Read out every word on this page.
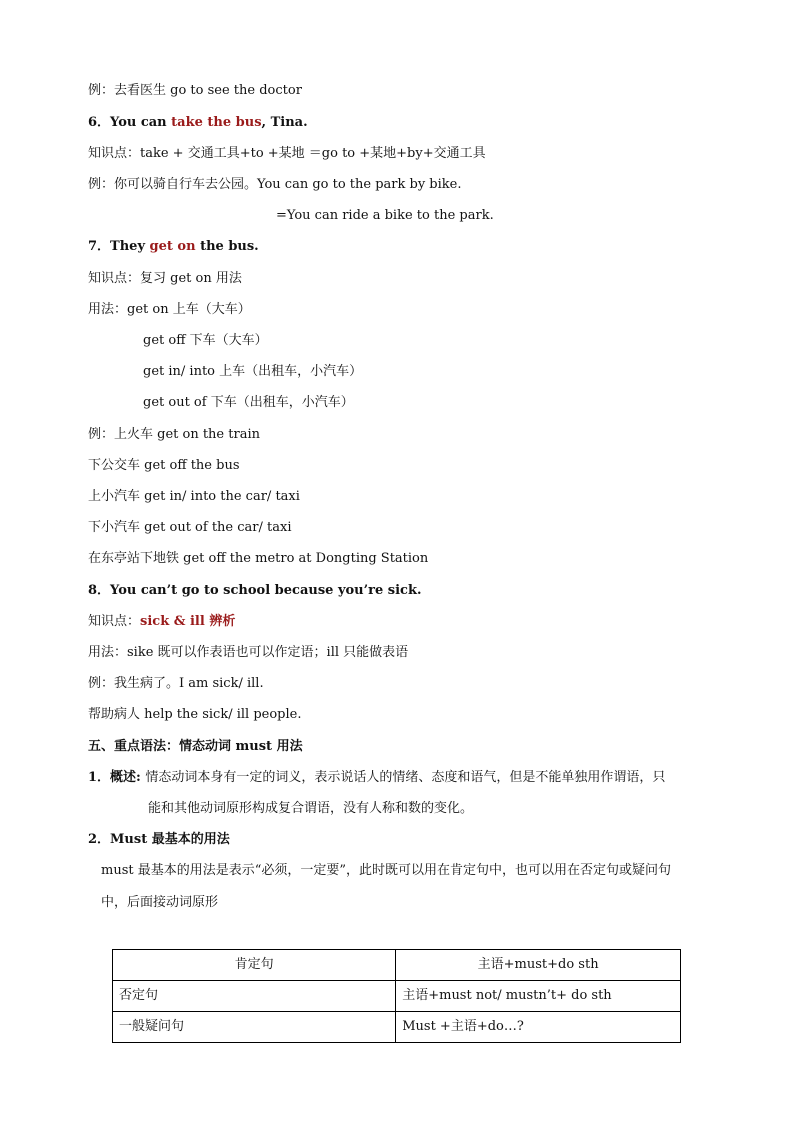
例：去看医生 go to see the doctor
6．You can take the bus, Tina.
知识点：take + 交通工具+to +某地 ＝go to +某地+by+交通工具
例：你可以骑自行车去公园。You can go to the park by bike.
=You can ride a bike to the park.
7．They get on the bus.
知识点：复习 get on 用法
用法：get on 上车（大车）
get off 下车（大车）
get in/ into 上车（出租车，小汽车）
get out of 下车（出租车，小汽车）
例：上火车 get on the train
下公交车 get off the bus
上小汽车 get in/ into the car/ taxi
下小汽车 get out of the car/ taxi
在东亭站下地铁 get off the metro at Dongting Station
8．You can’t go to school because you’re sick.
知识点：sick & ill 辨析
用法：sike 既可以作表语也可以作定语；ill 只能做表语
例：我生病了。I am sick/ ill.
帮助病人 help the sick/ ill people.
五、重点语法：情态动词 must 用法
1．概述: 情态动词本身有一定的词义，表示说话人的情绪、态度和语气，但是不能单独用作谓语，只
能和其他动词原形构成复合谓语，没有人称和数的变化。
2．Must 最基本的用法
must 最基本的用法是表示“必须，一定要”，此时既可以用在肯定句中，也可以用在否定句或疑问句
中，后面接动词原形
肯定句	主语+must+do sth
否定句	主语+must not/ mustn’t+ do sth
一般疑问句	Must +主语+do…?
